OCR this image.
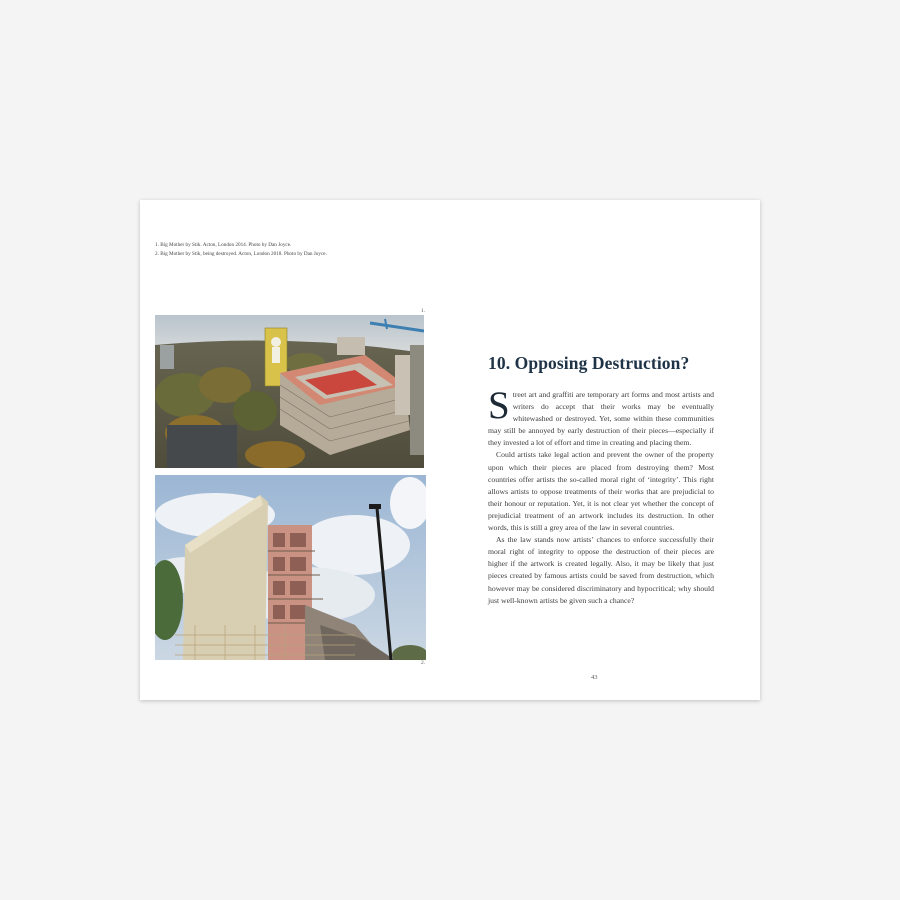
1. Big Mother by Stik. Acton, London 2014. Photo by Dan Joyce.
2. Big Mother by Stik, being destroyed. Acton, London 2018. Photo by Dan Joyce.
1.
2.
10. Opposing Destruction?

Street art and graffiti are temporary art forms and most artists and writers do accept that their works may be eventually whitewashed or destroyed. Yet, some within these communities may still be annoyed by early destruction of their pieces—especially if they invested a lot of effort and time in creating and placing them.

Could artists take legal action and prevent the owner of the property upon which their pieces are placed from destroying them? Most countries offer artists the so-called moral right of ‘integrity’. This right allows artists to oppose treatments of their works that are prejudicial to their honour or reputation. Yet, it is not clear yet whether the concept of prejudicial treatment of an artwork includes its destruction. In other words, this is still a grey area of the law in several countries.

As the law stands now artists’ chances to enforce successfully their moral right of integrity to oppose the destruction of their pieces are higher if the artwork is created legally. Also, it may be likely that just pieces created by famous artists could be saved from destruction, which however may be considered discriminatory and hypocritical; why should just well-known artists be given such a chance?

43
